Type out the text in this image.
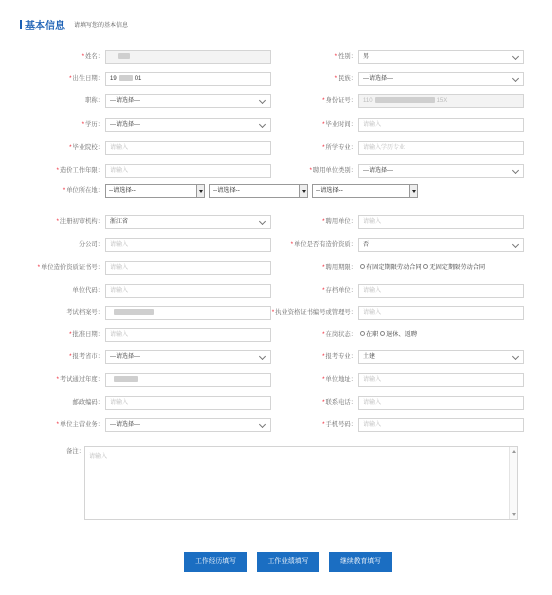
基本信息 请填写您的基本信息
*姓名：	*性别：	男
*出生日期：	19	01	*民族：	---请选择---
职称：	---请选择---	*身份证号：	110	15X
*学历：	---请选择---	*毕业时间：	请输入
*毕业院校：	请输入	*所学专业：	请输入学历专业
*造价工作年限：	请输入	*聘用单位类别：	---请选择---
*单位所在地： --请选择--	--请选择--	--请选择--
*注册初审机构：	浙江省	*聘用单位：	请输入
分公司：	请输入	*单位是否有造价资质：	否
*单位造价资质证书号：	请输入	*聘用期限：	有固定期限劳动合同 无固定期限劳动合同
单位代码：	请输入	*存档单位：	请输入
考试档案号：	*执业资格证书编号或管理号：	请输入
*批准日期：	请输入	*在岗状态：	在职 退休、返聘
*报考省市：	---请选择---	*报考专业：	土建
*考试通过年度：	*单位地址：	请输入
邮政编码：	请输入	*联系电话：	请输入
*单位主营业务：	---请选择---	*手机号码：	请输入
备注：
请输入
工作经历填写	工作业绩填写	继续教育填写
